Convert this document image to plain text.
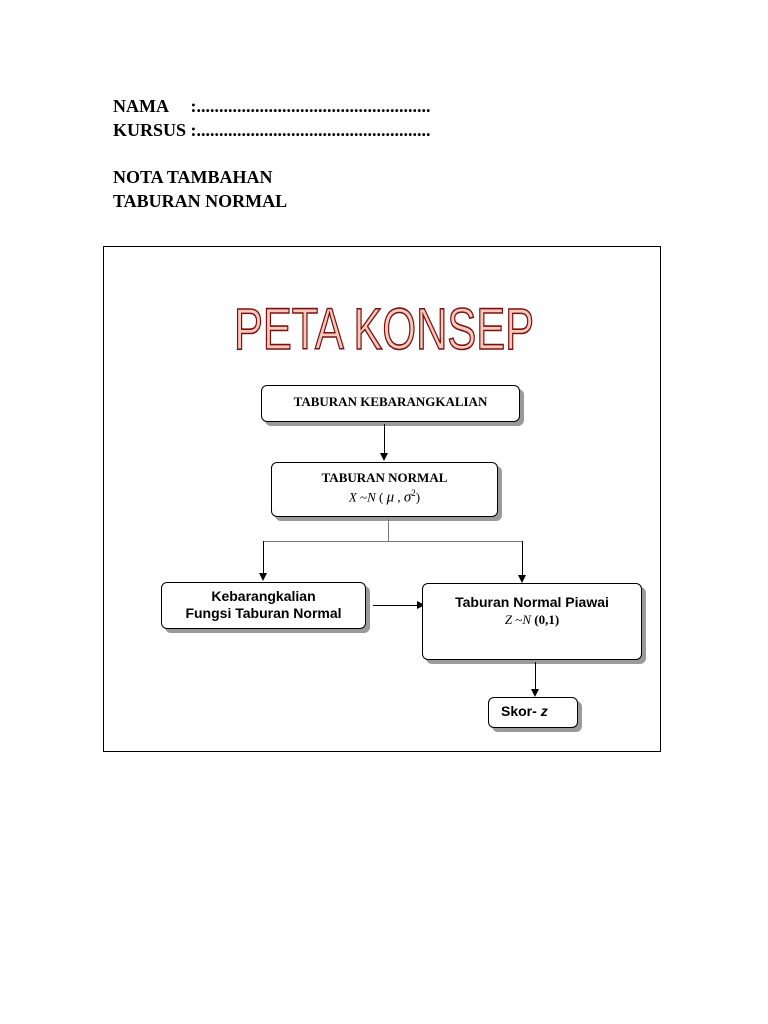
NAMA     :....................................................
KURSUS :....................................................
NOTA TAMBAHAN
TABURAN NORMAL
PETA KONSEP
TABURAN KEBARANGKALIAN
TABURAN NORMAL
X ~N ( μ , $\sigma^2$)
Kebarangkalian
Fungsi Taburan Normal
Taburan Normal Piawai
Z ~N (0,1)
Skor- z
